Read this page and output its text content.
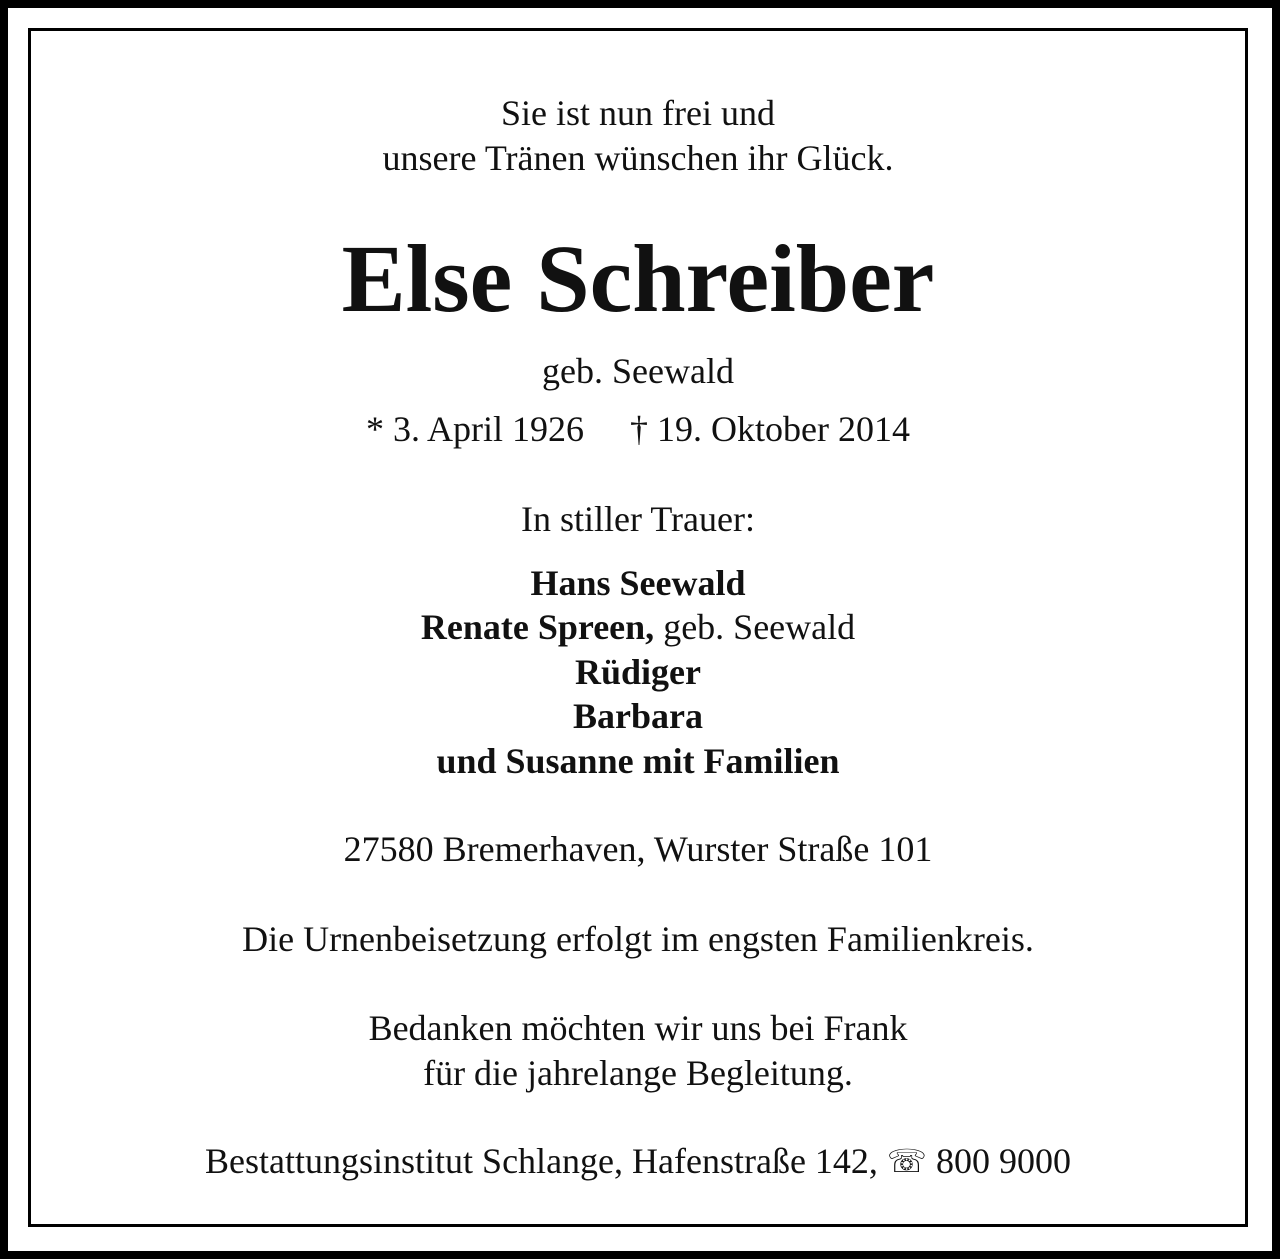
Sie ist nun frei und
unsere Tränen wünschen ihr Glück.
Else Schreiber
geb. Seewald
* 3. April 1926 † 19. Oktober 2014
In stiller Trauer:
Hans Seewald
Renate Spreen, geb. Seewald
Rüdiger
Barbara
und Susanne mit Familien
27580 Bremerhaven, Wurster Straße 101
Die Urnenbeisetzung erfolgt im engsten Familienkreis.
Bedanken möchten wir uns bei Frank
für die jahrelange Begleitung.
Bestattungsinstitut Schlange, Hafenstraße 142, ☏ 800 9000
